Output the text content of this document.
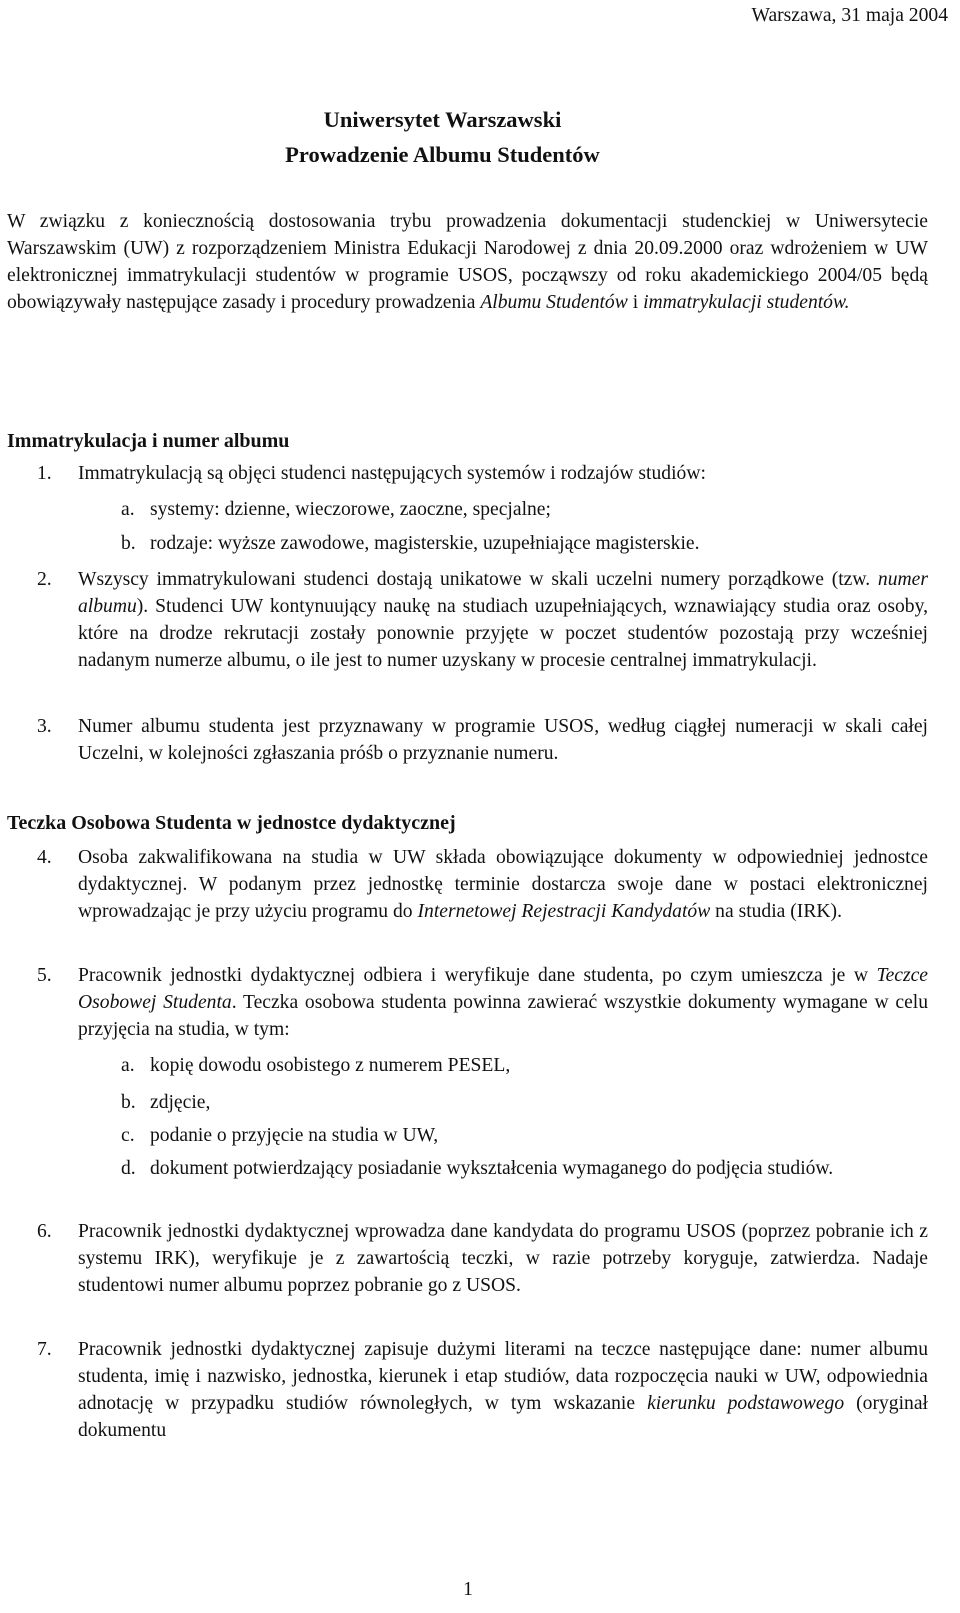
Warszawa, 31 maja 2004
Uniwersytet Warszawski
Prowadzenie Albumu Studentów
W związku z koniecznością dostosowania trybu prowadzenia dokumentacji studenckiej w Uniwersytecie Warszawskim (UW) z rozporządzeniem Ministra Edukacji Narodowej z dnia 20.09.2000 oraz wdrożeniem w UW elektronicznej immatrykulacji studentów w programie USOS, począwszy od roku akademickiego 2004/05 będą obowiązywały następujące zasady i procedury prowadzenia Albumu Studentów i immatrykulacji studentów.
Immatrykulacja i numer albumu
1. Immatrykulacją są objęci studenci następujących systemów i rodzajów studiów:
a. systemy: dzienne, wieczorowe, zaoczne, specjalne;
b. rodzaje: wyższe zawodowe, magisterskie, uzupełniające magisterskie.
2. Wszyscy immatrykulowani studenci dostają unikatowe w skali uczelni numery porządkowe (tzw. numer albumu). Studenci UW kontynuujący naukę na studiach uzupełniających, wznawiający studia oraz osoby, które na drodze rekrutacji zostały ponownie przyjęte w poczet studentów pozostają przy wcześniej nadanym numerze albumu, o ile jest to numer uzyskany w procesie centralnej immatrykulacji.
3. Numer albumu studenta jest przyznawany w programie USOS, według ciągłej numeracji w skali całej Uczelni, w kolejności zgłaszania próśb o przyznanie numeru.
Teczka Osobowa Studenta w jednostce dydaktycznej
4. Osoba zakwalifikowana na studia w UW składa obowiązujące dokumenty w odpowiedniej jednostce dydaktycznej. W podanym przez jednostkę terminie dostarcza swoje dane w postaci elektronicznej wprowadzając je przy użyciu programu do Internetowej Rejestracji Kandydatów na studia (IRK).
5. Pracownik jednostki dydaktycznej odbiera i weryfikuje dane studenta, po czym umieszcza je w Teczce Osobowej Studenta. Teczka osobowa studenta powinna zawierać wszystkie dokumenty wymagane w celu przyjęcia na studia, w tym:
a. kopię dowodu osobistego z numerem PESEL,
b. zdjęcie,
c. podanie o przyjęcie na studia w UW,
d. dokument potwierdzający posiadanie wykształcenia wymaganego do podjęcia studiów.
6. Pracownik jednostki dydaktycznej wprowadza dane kandydata do programu USOS (poprzez pobranie ich z systemu IRK), weryfikuje je z zawartością teczki, w razie potrzeby koryguje, zatwierdza. Nadaje studentowi numer albumu poprzez pobranie go z USOS.
7. Pracownik jednostki dydaktycznej zapisuje dużymi literami na teczce następujące dane: numer albumu studenta, imię i nazwisko, jednostka, kierunek i etap studiów, data rozpoczęcia nauki w UW, odpowiednia adnotację w przypadku studiów równoległych, w tym wskazanie kierunku podstawowego (oryginał dokumentu
1
